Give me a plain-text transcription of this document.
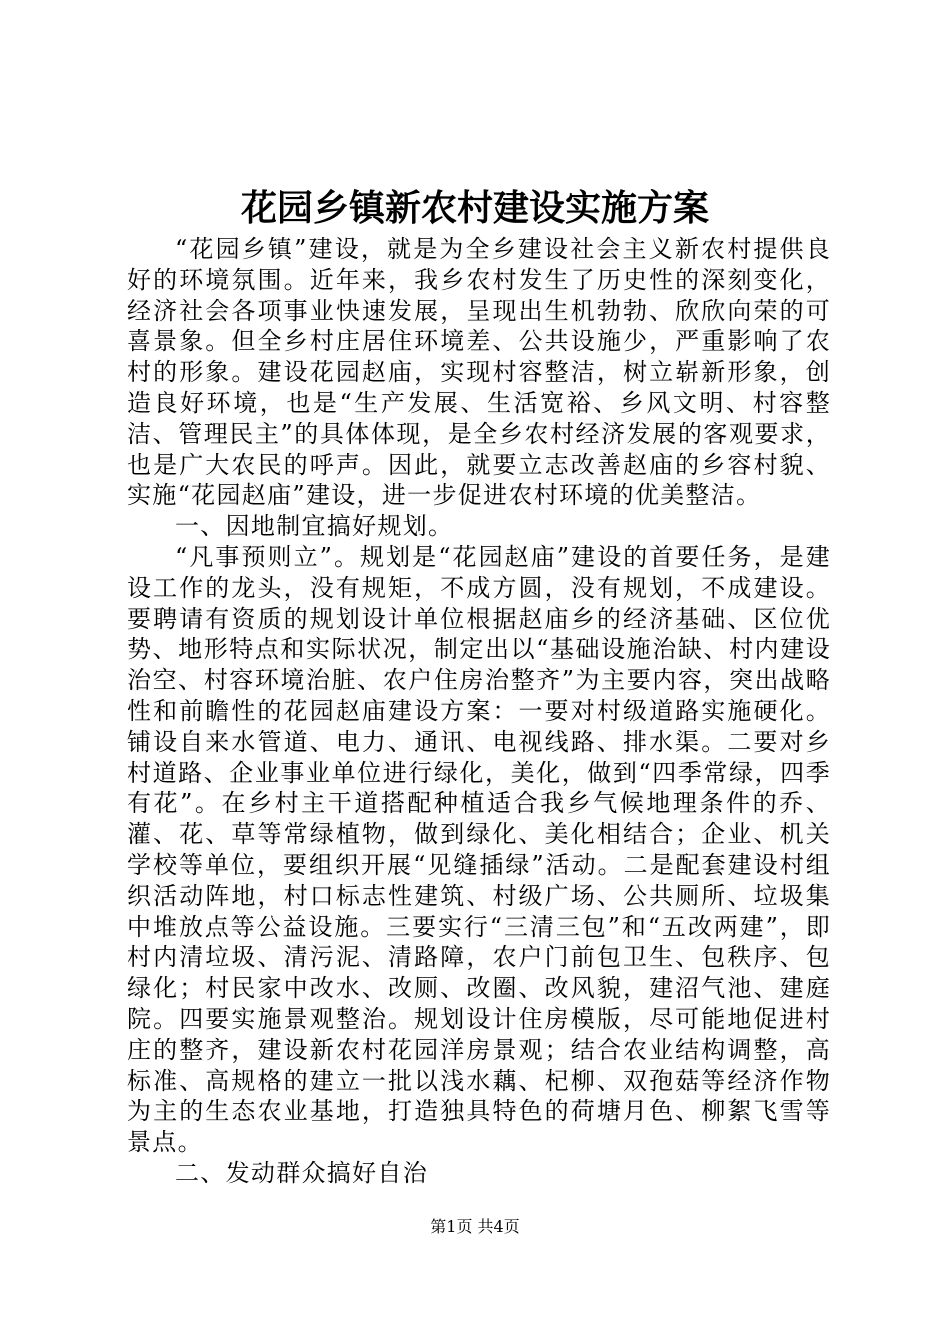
花园乡镇新农村建设实施方案

“花园乡镇”建设，就是为全乡建设社会主义新农村提供良好的环境氛围。近年来，我乡农村发生了历史性的深刻变化，经济社会各项事业快速发展，呈现出生机勃勃、欣欣向荣的可喜景象。但全乡村庄居住环境差、公共设施少，严重影响了农村的形象。建设花园赵庙，实现村容整洁，树立崭新形象，创造良好环境，也是“生产发展、生活宽裕、乡风文明、村容整洁、管理民主”的具体体现，是全乡农村经济发展的客观要求，也是广大农民的呼声。因此，就要立志改善赵庙的乡容村貌、实施“花园赵庙”建设，进一步促进农村环境的优美整洁。

一、因地制宜搞好规划。

“凡事预则立”。规划是“花园赵庙”建设的首要任务，是建设工作的龙头，没有规矩，不成方圆，没有规划，不成建设。要聘请有资质的规划设计单位根据赵庙乡的经济基础、区位优势、地形特点和实际状况，制定出以“基础设施治缺、村内建设治空、村容环境治脏、农户住房治整齐”为主要内容，突出战略性和前瞻性的花园赵庙建设方案：一要对村级道路实施硬化。铺设自来水管道、电力、通讯、电视线路、排水渠。二要对乡村道路、企业事业单位进行绿化，美化，做到“四季常绿，四季有花”。在乡村主干道搭配种植适合我乡气候地理条件的乔、灌、花、草等常绿植物，做到绿化、美化相结合；企业、机关学校等单位，要组织开展“见缝插绿”活动。二是配套建设村组织活动阵地，村口标志性建筑、村级广场、公共厕所、垃圾集中堆放点等公益设施。三要实行“三清三包”和“五改两建”，即村内清垃圾、清污泥、清路障，农户门前包卫生、包秩序、包绿化；村民家中改水、改厕、改圈、改风貌，建沼气池、建庭院。四要实施景观整治。规划设计住房模版，尽可能地促进村庄的整齐，建设新农村花园洋房景观；结合农业结构调整，高标准、高规格的建立一批以浅水藕、杞柳、双孢菇等经济作物为主的生态农业基地，打造独具特色的荷塘月色、柳絮飞雪等景点。

二、发动群众搞好自治

第1页 共4页
